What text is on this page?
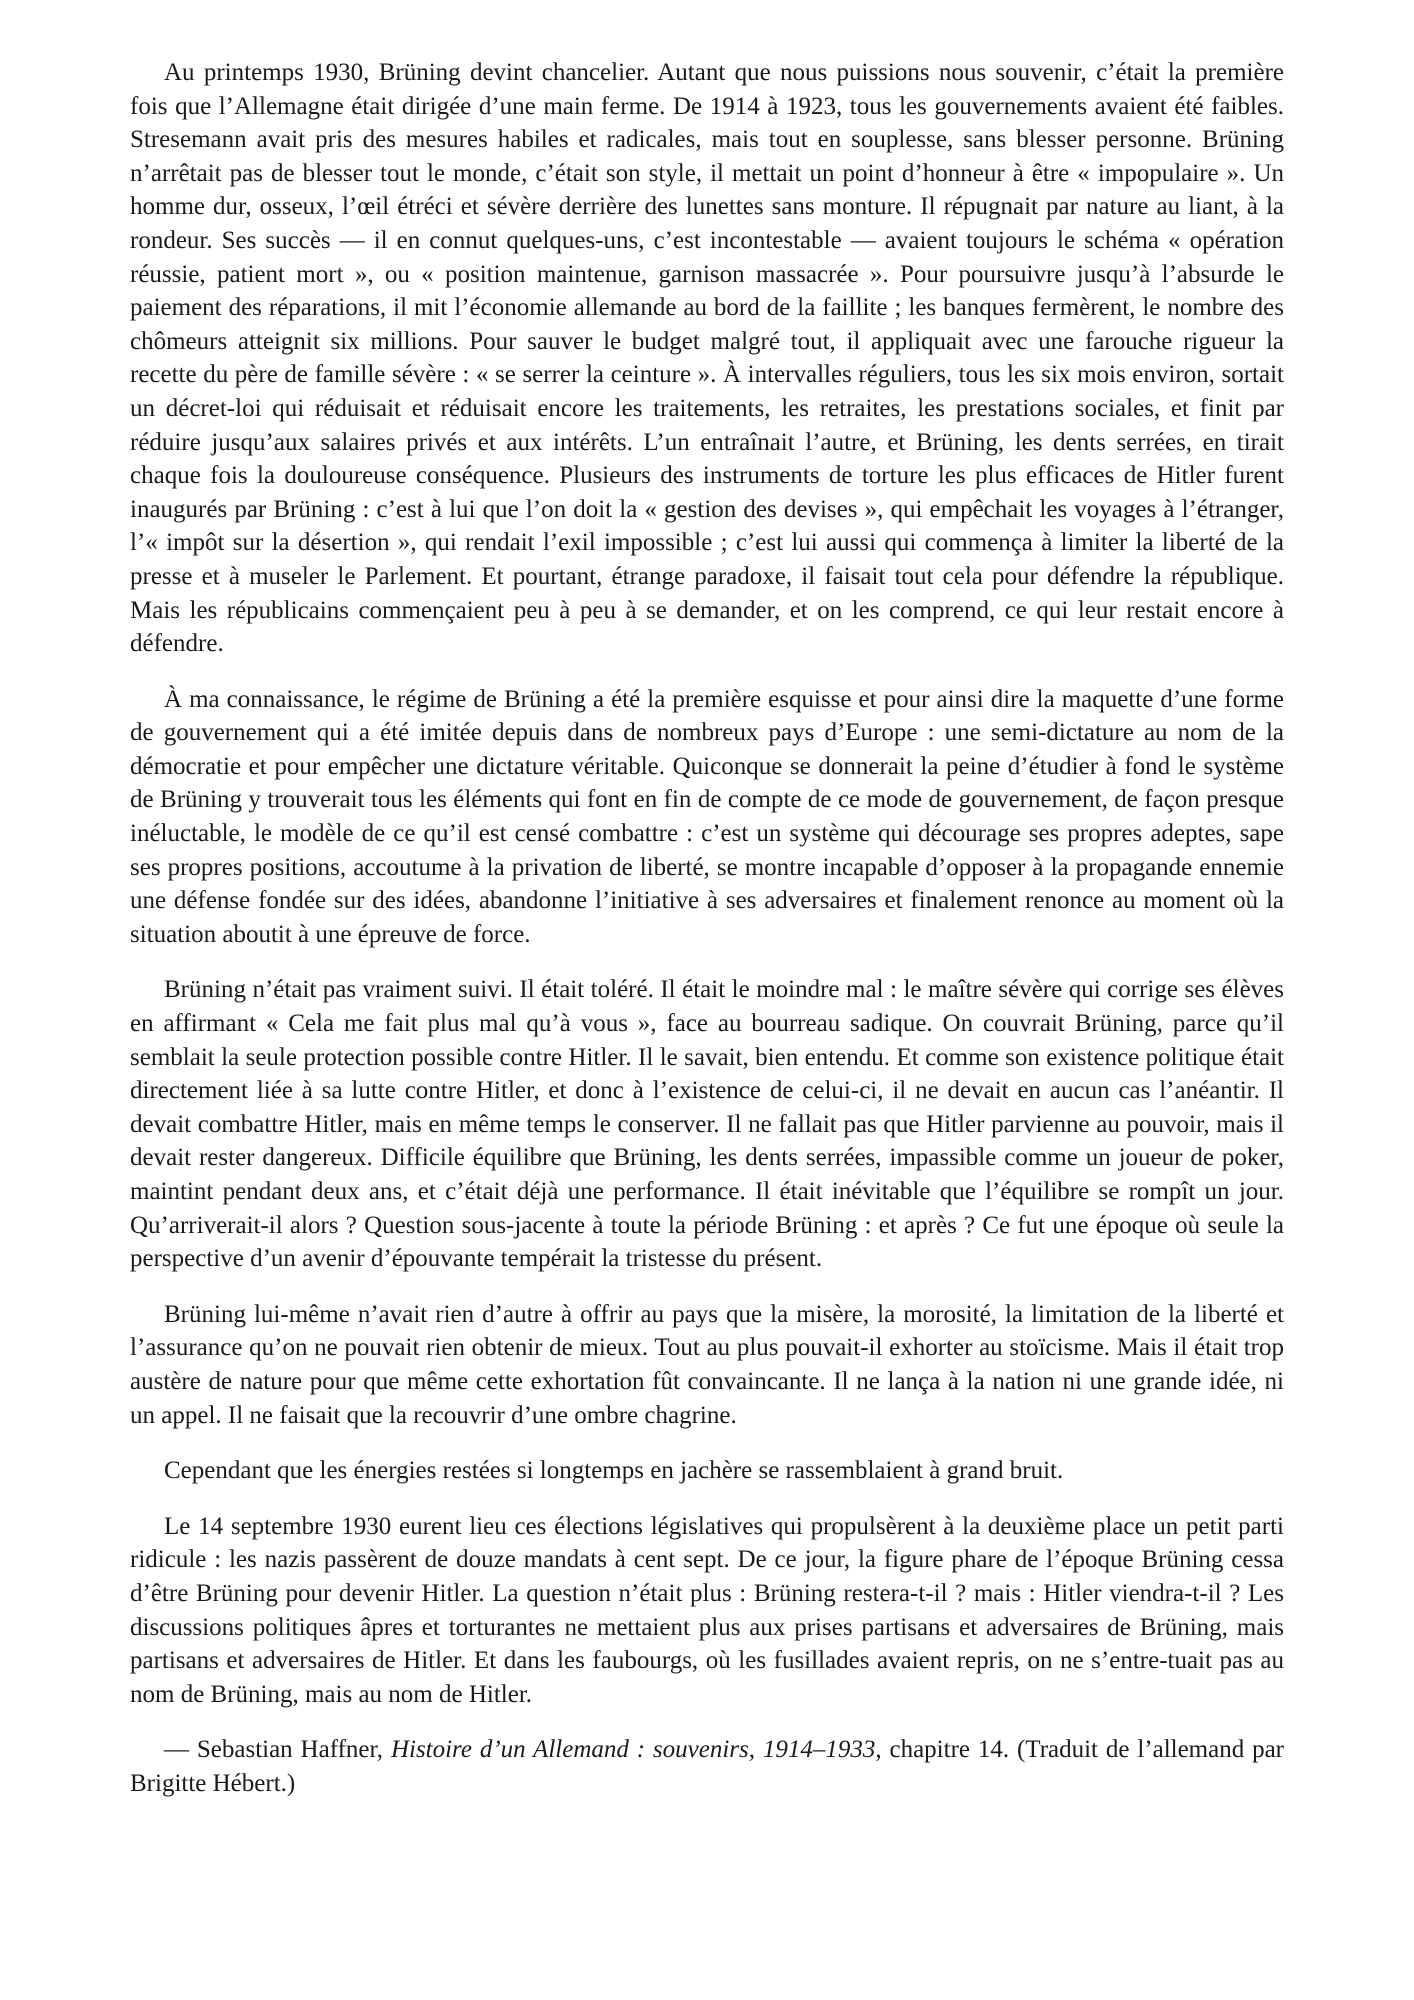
Au printemps 1930, Brüning devint chancelier. Autant que nous puissions nous souvenir, c’était la première fois que l’Allemagne était dirigée d’une main ferme. De 1914 à 1923, tous les gouvernements avaient été faibles. Stresemann avait pris des mesures habiles et radicales, mais tout en souplesse, sans blesser personne. Brüning n’arrêtait pas de blesser tout le monde, c’était son style, il mettait un point d’honneur à être « impopulaire ». Un homme dur, osseux, l’œil étréci et sévère derrière des lunettes sans monture. Il répugnait par nature au liant, à la rondeur. Ses succès — il en connut quelques-uns, c’est incontestable — avaient toujours le schéma « opération réussie, patient mort », ou « position maintenue, garnison massacrée ». Pour poursuivre jusqu’à l’absurde le paiement des réparations, il mit l’économie allemande au bord de la faillite ; les banques fermèrent, le nombre des chômeurs atteignit six millions. Pour sauver le budget malgré tout, il appliquait avec une farouche rigueur la recette du père de famille sévère : « se serrer la ceinture ». À intervalles réguliers, tous les six mois environ, sortait un décret-loi qui réduisait et réduisait encore les traitements, les retraites, les prestations sociales, et finit par réduire jusqu’aux salaires privés et aux intérêts. L’un entraînait l’autre, et Brüning, les dents serrées, en tirait chaque fois la douloureuse conséquence. Plusieurs des instruments de torture les plus efficaces de Hitler furent inaugurés par Brüning : c’est à lui que l’on doit la « gestion des devises », qui empêchait les voyages à l’étranger, l’« impôt sur la désertion », qui rendait l’exil impossible ; c’est lui aussi qui commença à limiter la liberté de la presse et à museler le Parlement. Et pourtant, étrange paradoxe, il faisait tout cela pour défendre la république. Mais les républicains commençaient peu à peu à se demander, et on les comprend, ce qui leur restait encore à défendre.

À ma connaissance, le régime de Brüning a été la première esquisse et pour ainsi dire la maquette d’une forme de gouvernement qui a été imitée depuis dans de nombreux pays d’Europe : une semi-dictature au nom de la démocratie et pour empêcher une dictature véritable. Quiconque se donnerait la peine d’étudier à fond le système de Brüning y trouverait tous les éléments qui font en fin de compte de ce mode de gouvernement, de façon presque inéluctable, le modèle de ce qu’il est censé combattre : c’est un système qui décourage ses propres adeptes, sape ses propres positions, accoutume à la privation de liberté, se montre incapable d’opposer à la propagande ennemie une défense fondée sur des idées, abandonne l’initiative à ses adversaires et finalement renonce au moment où la situation aboutit à une épreuve de force.

Brüning n’était pas vraiment suivi. Il était toléré. Il était le moindre mal : le maître sévère qui corrige ses élèves en affirmant « Cela me fait plus mal qu’à vous », face au bourreau sadique. On couvrait Brüning, parce qu’il semblait la seule protection possible contre Hitler. Il le savait, bien entendu. Et comme son existence politique était directement liée à sa lutte contre Hitler, et donc à l’existence de celui-ci, il ne devait en aucun cas l’anéantir. Il devait combattre Hitler, mais en même temps le conserver. Il ne fallait pas que Hitler parvienne au pouvoir, mais il devait rester dangereux. Difficile équilibre que Brüning, les dents serrées, impassible comme un joueur de poker, maintint pendant deux ans, et c’était déjà une performance. Il était inévitable que l’équilibre se rompît un jour. Qu’arriverait-il alors ? Question sous-jacente à toute la période Brüning : et après ? Ce fut une époque où seule la perspective d’un avenir d’épouvante tempérait la tristesse du présent.

Brüning lui-même n’avait rien d’autre à offrir au pays que la misère, la morosité, la limitation de la liberté et l’assurance qu’on ne pouvait rien obtenir de mieux. Tout au plus pouvait-il exhorter au stoïcisme. Mais il était trop austère de nature pour que même cette exhortation fût convaincante. Il ne lança à la nation ni une grande idée, ni un appel. Il ne faisait que la recouvrir d’une ombre chagrine.

Cependant que les énergies restées si longtemps en jachère se rassemblaient à grand bruit.

Le 14 septembre 1930 eurent lieu ces élections législatives qui propulsèrent à la deuxième place un petit parti ridicule : les nazis passèrent de douze mandats à cent sept. De ce jour, la figure phare de l’époque Brüning cessa d’être Brüning pour devenir Hitler. La question n’était plus : Brüning restera-t-il ? mais : Hitler viendra-t-il ? Les discussions politiques âpres et torturantes ne mettaient plus aux prises partisans et adversaires de Brüning, mais partisans et adversaires de Hitler. Et dans les faubourgs, où les fusillades avaient repris, on ne s’entre-tuait pas au nom de Brüning, mais au nom de Hitler.

— Sebastian Haffner, Histoire d’un Allemand : souvenirs, 1914–1933, chapitre 14. (Traduit de l’allemand par Brigitte Hébert.)
